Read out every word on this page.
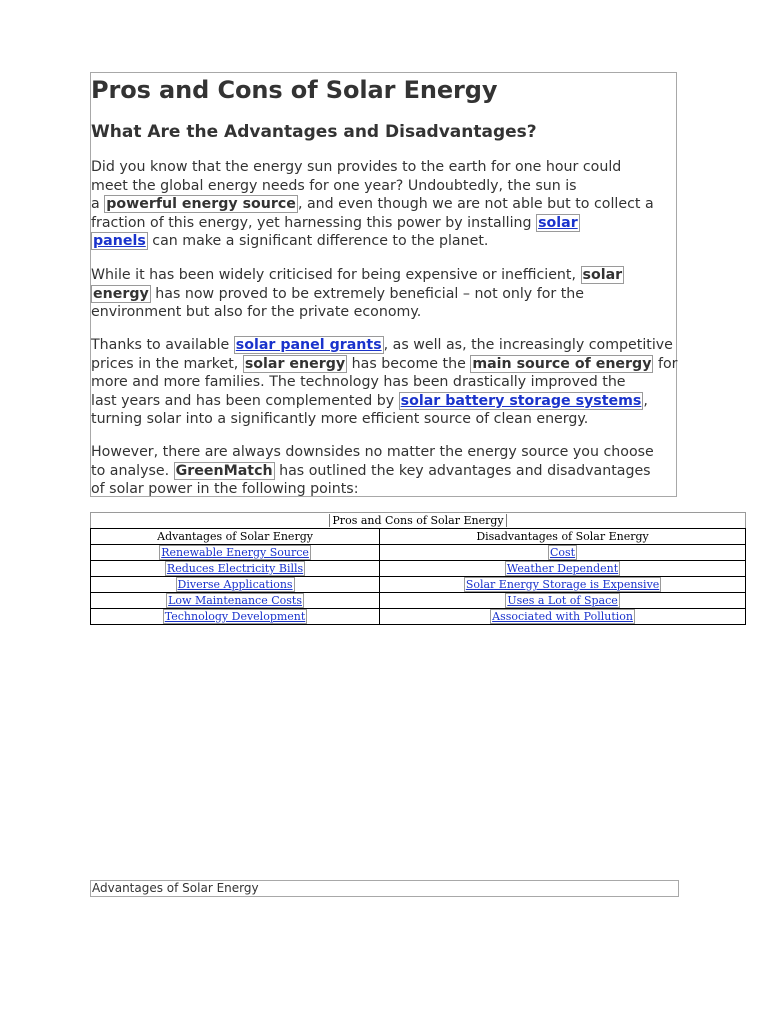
Pros and Cons of Solar Energy
What Are the Advantages and Disadvantages?
Did you know that the energy sun provides to the earth for one hour could
meet the global energy needs for one year? Undoubtedly, the sun is
a powerful energy source , and even though we are not able but to collect a
fraction of this energy, yet harnessing this power by installing solar
panels can make a significant difference to the planet.
While it has been widely criticised for being expensive or inefficient, solar
energy has now proved to be extremely beneficial – not only for the
environment but also for the private economy.
Thanks to available solar panel grants , as well as, the increasingly competitive
prices in the market, solar energy has become the main source of energy for
more and more families. The technology has been drastically improved the
last years and has been complemented by solar battery storage systems ,
turning solar into a significantly more efficient source of clean energy.
However, there are always downsides no matter the energy source you choose
to analyse. GreenMatch has outlined the key advantages and disadvantages
of solar power in the following points:
Pros and Cons of Solar Energy	
Advantages of Solar Energy	Disadvantages of Solar Energy
Renewable Energy Source	Cost
Reduces Electricity Bills	Weather Dependent
Diverse Applications	Solar Energy Storage is Expensive
Low Maintenance Costs	Uses a Lot of Space
Technology Development	Associated with Pollution
Advantages of Solar Energy
